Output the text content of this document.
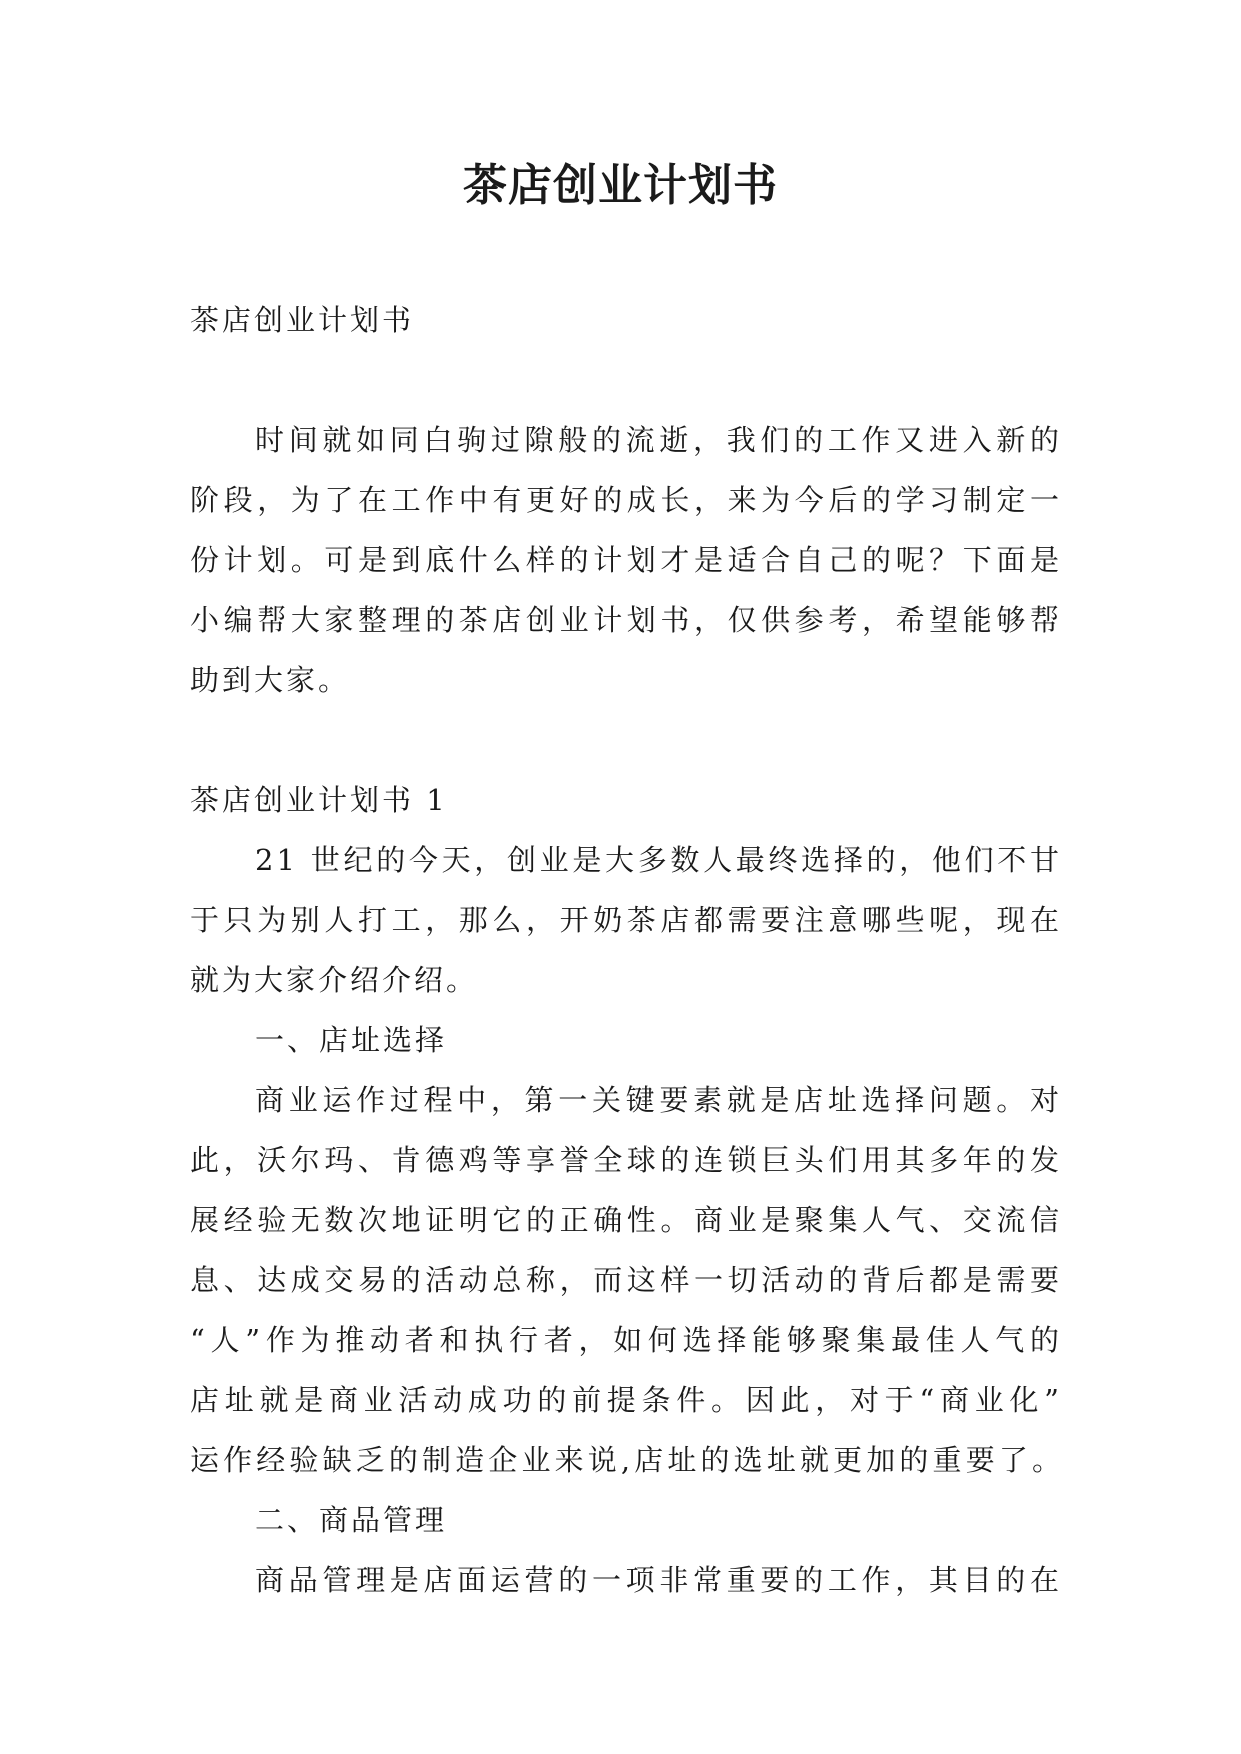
茶店创业计划书

茶店创业计划书

时间就如同白驹过隙般的流逝，我们的工作又进入新的

阶段，为了在工作中有更好的成长，来为今后的学习制定一

份计划。可是到底什么样的计划才是适合自己的呢？下面是

小编帮大家整理的茶店创业计划书，仅供参考，希望能够帮

助到大家。

茶店创业计划书 1

21 世纪的今天，创业是大多数人最终选择的，他们不甘

于只为别人打工，那么，开奶茶店都需要注意哪些呢，现在

就为大家介绍介绍。

一、店址选择

商业运作过程中，第一关键要素就是店址选择问题。对

此，沃尔玛、肯德鸡等享誉全球的连锁巨头们用其多年的发

展经验无数次地证明它的正确性。商业是聚集人气、交流信

息、达成交易的活动总称，而这样一切活动的背后都是需要

“人”作为推动者和执行者，如何选择能够聚集最佳人气的

店址就是商业活动成功的前提条件。因此，对于“商业化”

运作经验缺乏的制造企业来说,店址的选址就更加的重要了。

二、商品管理

商品管理是店面运营的一项非常重要的工作，其目的在
